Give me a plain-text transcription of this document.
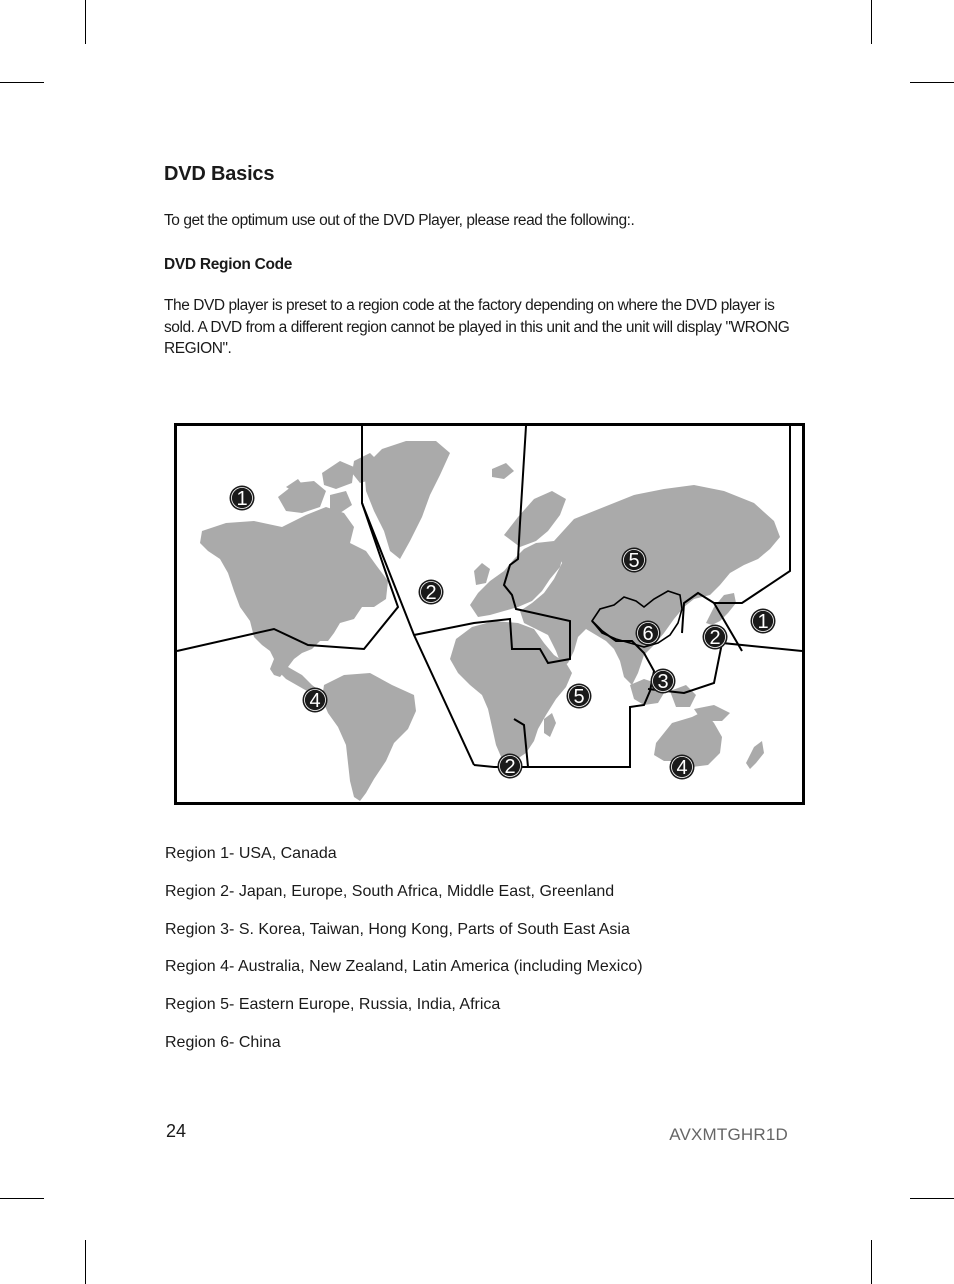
DVD Basics

To get the optimum use out of the DVD Player, please read the following:.

DVD Region Code

The DVD player is preset to a region code at the factory depending on where the DVD player is sold. A DVD from a different region cannot be played in this unit and the unit will display "WRONG REGION".

1
2
5
6	2
1
3
4	5
2	4
Region 1- USA, Canada
Region 2- Japan, Europe, South Africa, Middle East, Greenland
Region 3- S. Korea, Taiwan, Hong Kong, Parts of South East Asia
Region 4- Australia, New Zealand, Latin America (including Mexico)
Region 5- Eastern Europe, Russia, India, Africa
Region 6- China
24	AVXMTGHR1D
